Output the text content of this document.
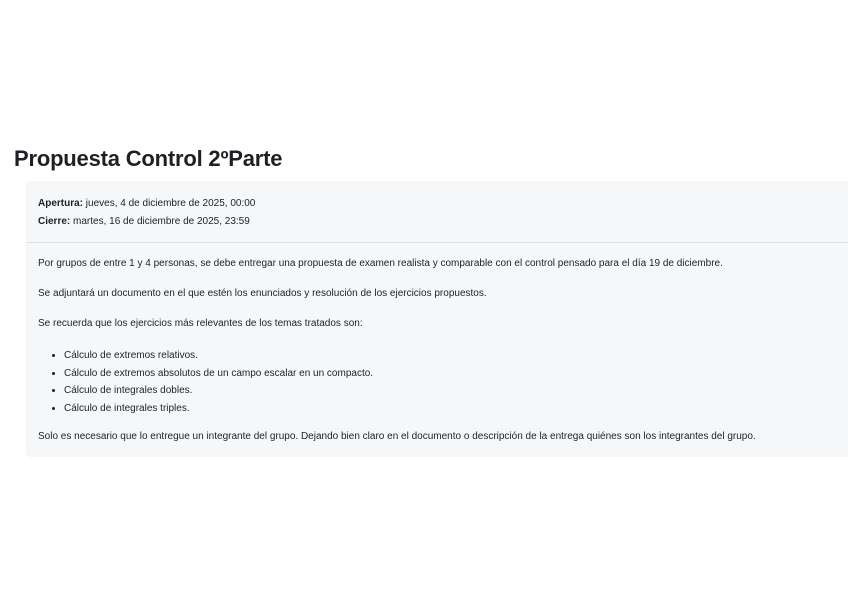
Propuesta Control 2ºParte
Apertura: jueves, 4 de diciembre de 2025, 00:00
Cierre: martes, 16 de diciembre de 2025, 23:59

Por grupos de entre 1 y 4 personas, se debe entregar una propuesta de examen realista y comparable con el control pensado para el día 19 de diciembre.

Se adjuntará un documento en el que estén los enunciados y resolución de los ejercicios propuestos.

Se recuerda que los ejercicios más relevantes de los temas tratados son:

• Cálculo de extremos relativos.
• Cálculo de extremos absolutos de un campo escalar en un compacto.
• Cálculo de integrales dobles.
• Cálculo de integrales triples.

Solo es necesario que lo entregue un integrante del grupo. Dejando bien claro en el documento o descripción de la entrega quiénes son los integrantes del grupo.
